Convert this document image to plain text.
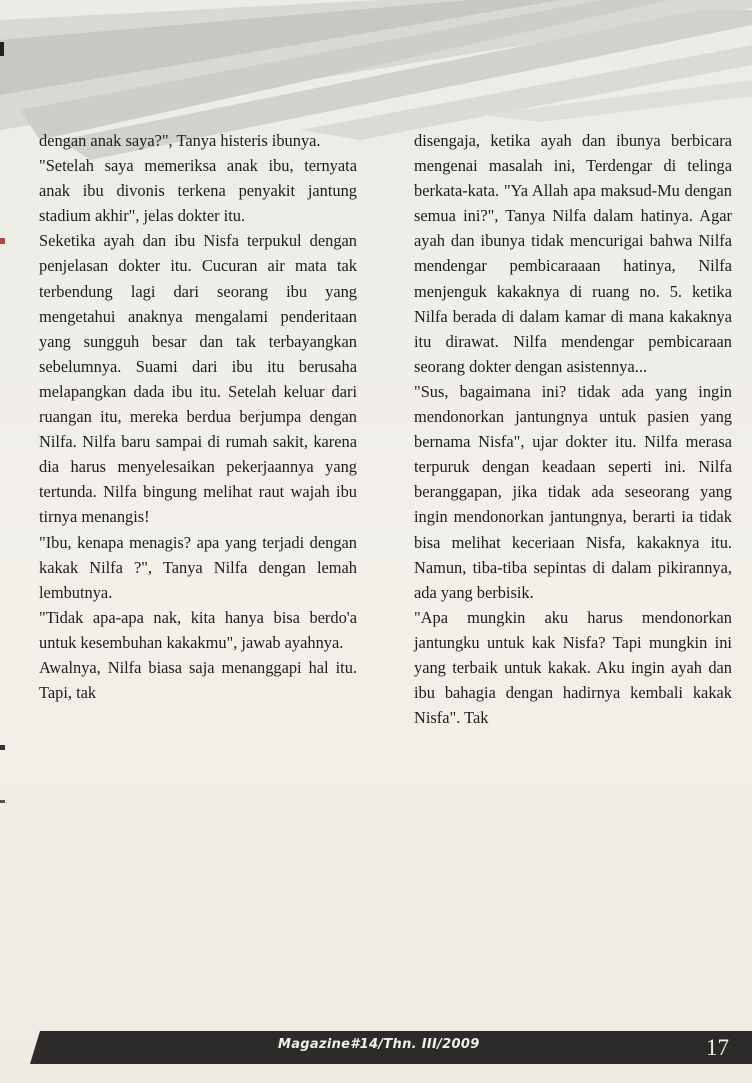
dengan anak saya?", Tanya histeris ibunya.

"Setelah saya memeriksa anak ibu, ternyata anak ibu divonis terkena penyakit jantung stadium akhir", jelas dokter itu.

Seketika ayah dan ibu Nisfa terpukul dengan penjelasan dokter itu. Cucuran air mata tak terbendung lagi dari seorang ibu yang mengetahui anaknya mengalami penderitaan yang sungguh besar dan tak terbayangkan sebelumnya. Suami dari ibu itu berusaha melapangkan dada ibu itu. Setelah keluar dari ruangan itu, mereka berdua berjumpa dengan Nilfa. Nilfa baru sampai di rumah sakit, karena dia harus menyelesaikan pekerjaannya yang tertunda. Nilfa bingung melihat raut wajah ibu tirnya menangis!

"Ibu, kenapa menagis? apa yang terjadi dengan kakak Nilfa ?", Tanya Nilfa dengan lemah lembutnya.

"Tidak apa-apa nak, kita hanya bisa berdo'a untuk kesembuhan kakakmu", jawab ayahnya.

Awalnya, Nilfa biasa saja menanggapi hal itu. Tapi, tak

disengaja, ketika ayah dan ibunya berbicara mengenai masalah ini, Terdengar di telinga berkata-kata. "Ya Allah apa maksud-Mu dengan semua ini?", Tanya Nilfa dalam hatinya. Agar ayah dan ibunya tidak mencurigai bahwa Nilfa mendengar pembicaraaan hatinya, Nilfa menjenguk kakaknya di ruang no. 5. ketika Nilfa berada di dalam kamar di mana kakaknya itu dirawat. Nilfa mendengar pembicaraan seorang dokter dengan asistennya...

"Sus, bagaimana ini? tidak ada yang ingin mendonorkan jantungnya untuk pasien yang bernama Nisfa", ujar dokter itu. Nilfa merasa terpuruk dengan keadaan seperti ini. Nilfa beranggapan, jika tidak ada seseorang yang ingin mendonorkan jantungnya, berarti ia tidak bisa melihat keceriaan Nisfa, kakaknya itu. Namun, tiba-tiba sepintas di dalam pikirannya, ada yang berbisik.

"Apa mungkin aku harus mendonorkan jantungku untuk kak Nisfa? Tapi mungkin ini yang terbaik untuk kakak. Aku ingin ayah dan ibu bahagia dengan hadirnya kembali kakak Nisfa". Tak

Magazine#14/Thn. III/2009	17
